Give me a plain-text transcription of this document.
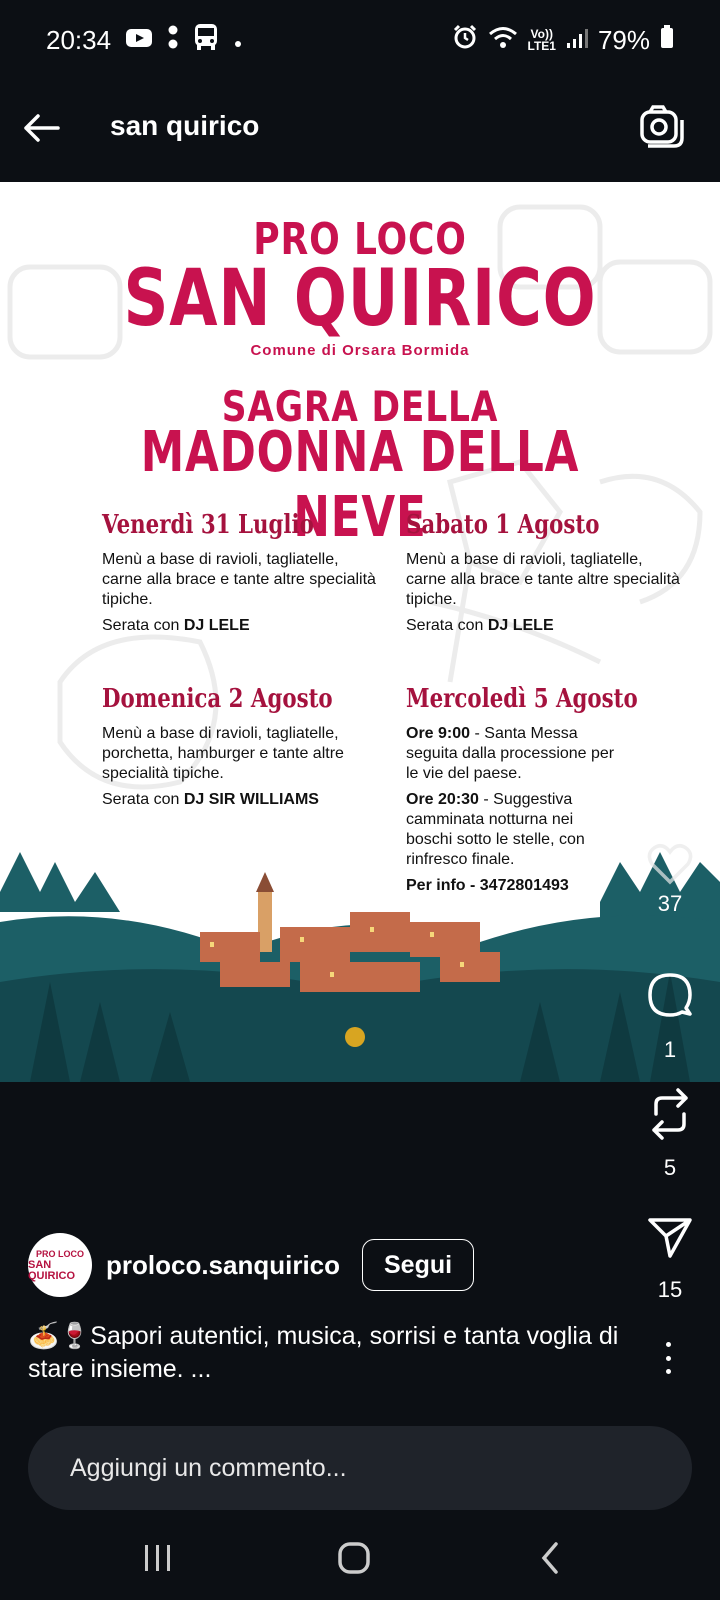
20:34	Vo))
LTE1 79%
san quirico
PRO LOCO
SAN QUIRICO
Comune di Orsara Bormida
SAGRA DELLA
MADONNA DELLA NEVE
Venerdì 31 Luglio
Menù a base di ravioli, tagliatelle, carne alla brace e tante altre specialità tipiche.
Serata con DJ LELE
Sabato 1 Agosto
Menù a base di ravioli, tagliatelle, carne alla brace e tante altre specialità tipiche.
Serata con DJ LELE
Domenica 2 Agosto
Menù a base di ravioli, tagliatelle, porchetta, hamburger e tante altre specialità tipiche.
Serata con DJ SIR WILLIAMS
Mercoledì 5 Agosto
Ore 9:00 - Santa Messa seguita dalla processione per le vie del paese.
Ore 20:30 - Suggestiva camminata notturna nei boschi sotto le stelle, con rinfresco finale.
Per info - 3472801493
37
1
5
15
PRO LOCO
SAN QUIRICO	proloco.sanquirico	Segui
🍝🍷Sapori autentici, musica, sorrisi e tanta voglia di stare insieme. ...
Aggiungi un commento...
